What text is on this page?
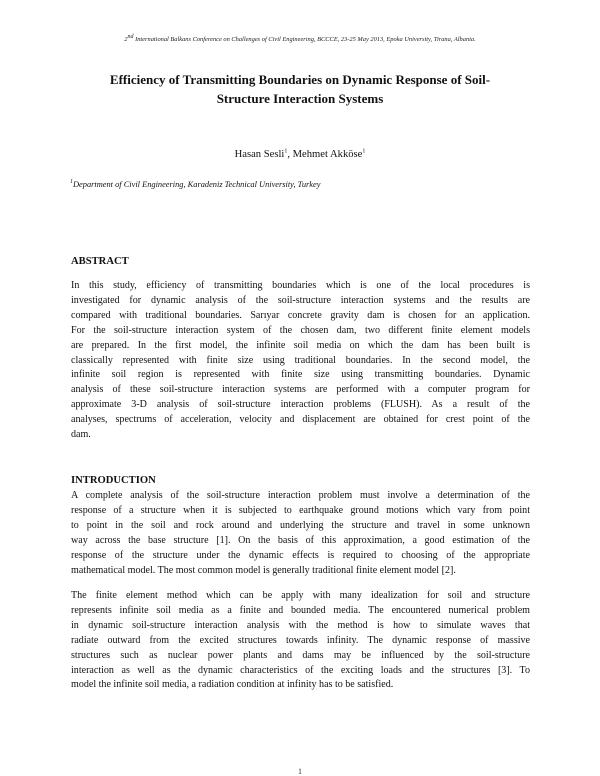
2nd International Balkans Conference on Challenges of Civil Engineering, BCCCE, 23-25 May 2013, Epoka University, Tirana, Albania.
Efficiency of Transmitting Boundaries on Dynamic Response of Soil-
Structure Interaction Systems
Hasan Sesli$^1$, Mehmet Akköse$^1$
$^1$Department of Civil Engineering, Karadeniz Technical University, Turkey
ABSTRACT
In this study, efficiency of transmitting boundaries which is one of the local procedures is
investigated for dynamic analysis of the soil-structure interaction systems and the results are
compared with traditional boundaries. Sarıyar concrete gravity dam is chosen for an application.
For the soil-structure interaction system of the chosen dam, two different finite element models
are prepared. In the first model, the infinite soil media on which the dam has been built is
classically represented with finite size using traditional boundaries. In the second model, the
infinite soil region is represented with finite size using transmitting boundaries. Dynamic
analysis of these soil-structure interaction systems are performed with a computer program for
approximate 3-D analysis of soil-structure interaction problems (FLUSH). As a result of the
analyses, spectrums of acceleration, velocity and displacement are obtained for crest point of the
dam.
INTRODUCTION
A complete analysis of the soil-structure interaction problem must involve a determination of the
response of a structure when it is subjected to earthquake ground motions which vary from point
to point in the soil and rock around and underlying the structure and travel in some unknown
way across the base structure [1]. On the basis of this approximation, a good estimation of the
response of the structure under the dynamic effects is required to choosing of the appropriate
mathematical model. The most common model is generally traditional finite element model [2].
The finite element method which can be apply with many idealization for soil and structure
represents infinite soil media as a finite and bounded media. The encountered numerical problem
in dynamic soil-structure interaction analysis with the method is how to simulate waves that
radiate outward from the excited structures towards infinity. The dynamic response of massive
structures such as nuclear power plants and dams may be influenced by the soil-structure
interaction as well as the dynamic characteristics of the exciting loads and the structures [3]. To
model the infinite soil media, a radiation condition at infinity has to be satisfied.
1
